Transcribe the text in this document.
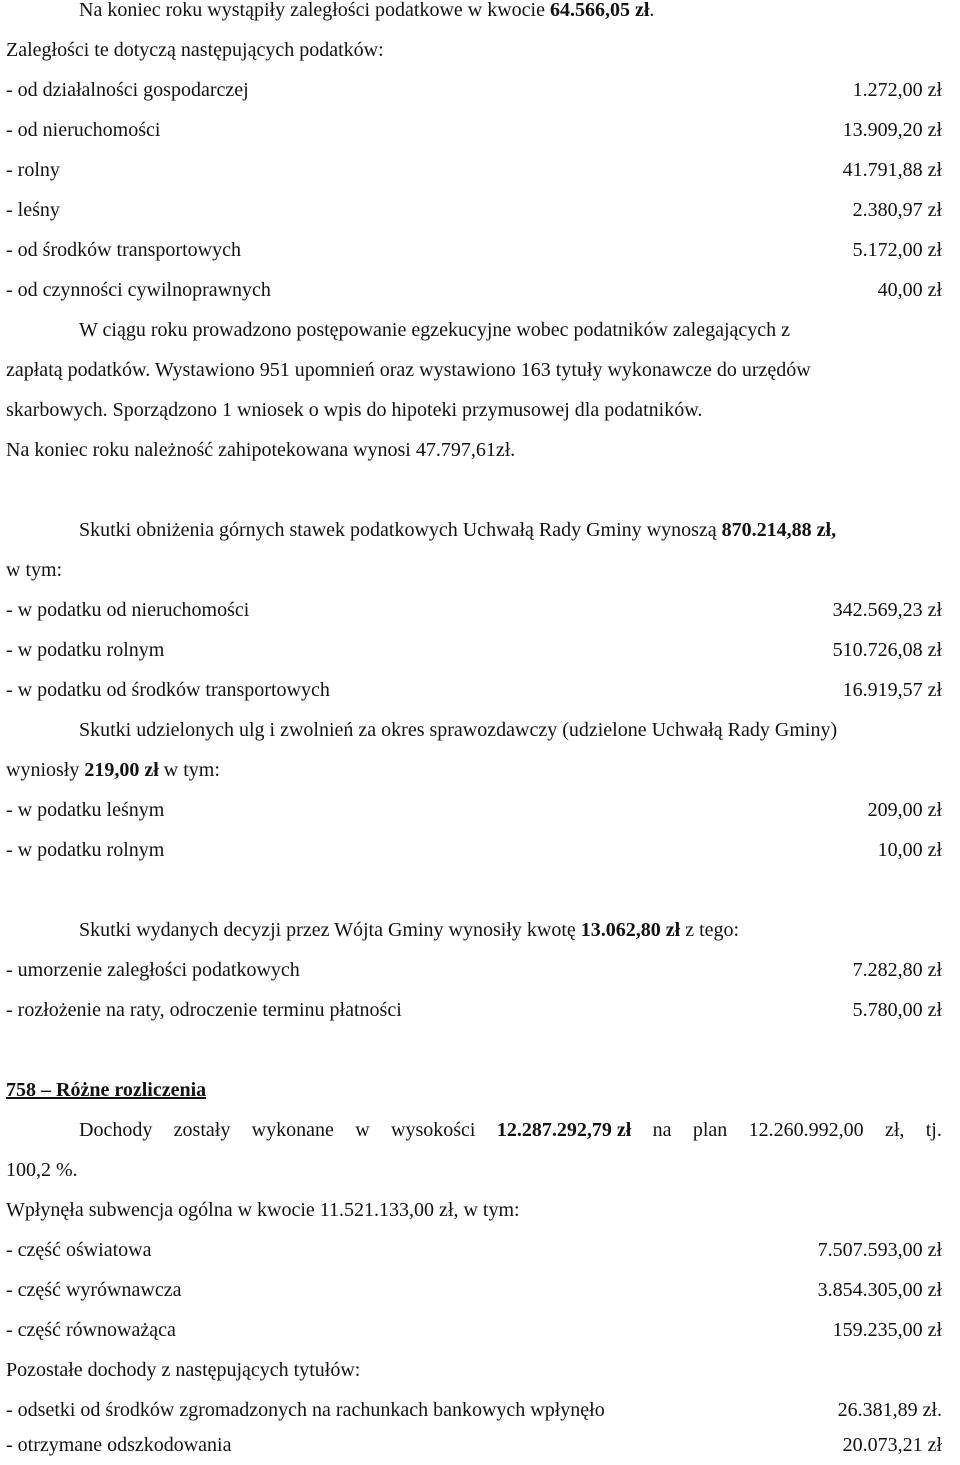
Na koniec roku wystąpiły zaległości podatkowe w kwocie 64.566,05 zł.
Zaległości te dotyczą następujących podatków:
- od działalności gospodarczej	1.272,00 zł
- od nieruchomości	13.909,20 zł
- rolny	41.791,88 zł
- leśny	2.380,97 zł
- od środków transportowych	5.172,00 zł
- od czynności cywilnoprawnych	40,00 zł
W ciągu roku prowadzono postępowanie egzekucyjne wobec podatników zalegających z
zapłatą podatków. Wystawiono 951 upomnień oraz wystawiono 163 tytuły wykonawcze do urzędów
skarbowych. Sporządzono 1 wniosek o wpis do hipoteki przymusowej dla podatników.
Na koniec roku należność zahipotekowana wynosi 47.797,61zł.
Skutki obniżenia górnych stawek podatkowych Uchwałą Rady Gminy wynoszą 870.214,88 zł,
w tym:
- w podatku od nieruchomości	342.569,23 zł
- w podatku rolnym	510.726,08 zł
- w podatku od środków transportowych	16.919,57 zł
Skutki udzielonych ulg i zwolnień za okres sprawozdawczy (udzielone Uchwałą Rady Gminy)
wyniosły 219,00 zł w tym:
- w podatku leśnym	209,00 zł
- w podatku rolnym	10,00 zł
Skutki wydanych decyzji przez Wójta Gminy wynosiły kwotę 13.062,80 zł z tego:
- umorzenie zaległości podatkowych	7.282,80 zł
- rozłożenie na raty, odroczenie terminu płatności	5.780,00 zł
758 – Różne rozliczenia
Dochody zostały wykonane w wysokości 12.287.292,79 zł na plan 12.260.992,00 zł, tj.
100,2 %.
Wpłynęła subwencja ogólna w kwocie 11.521.133,00 zł, w tym:
- część oświatowa	7.507.593,00 zł
- część wyrównawcza	3.854.305,00 zł
- część równoważąca	159.235,00 zł
Pozostałe dochody z następujących tytułów:
- odsetki od środków zgromadzonych na rachunkach bankowych wpłynęło	26.381,89 zł.
- otrzymane odszkodowania	20.073,21 zł
